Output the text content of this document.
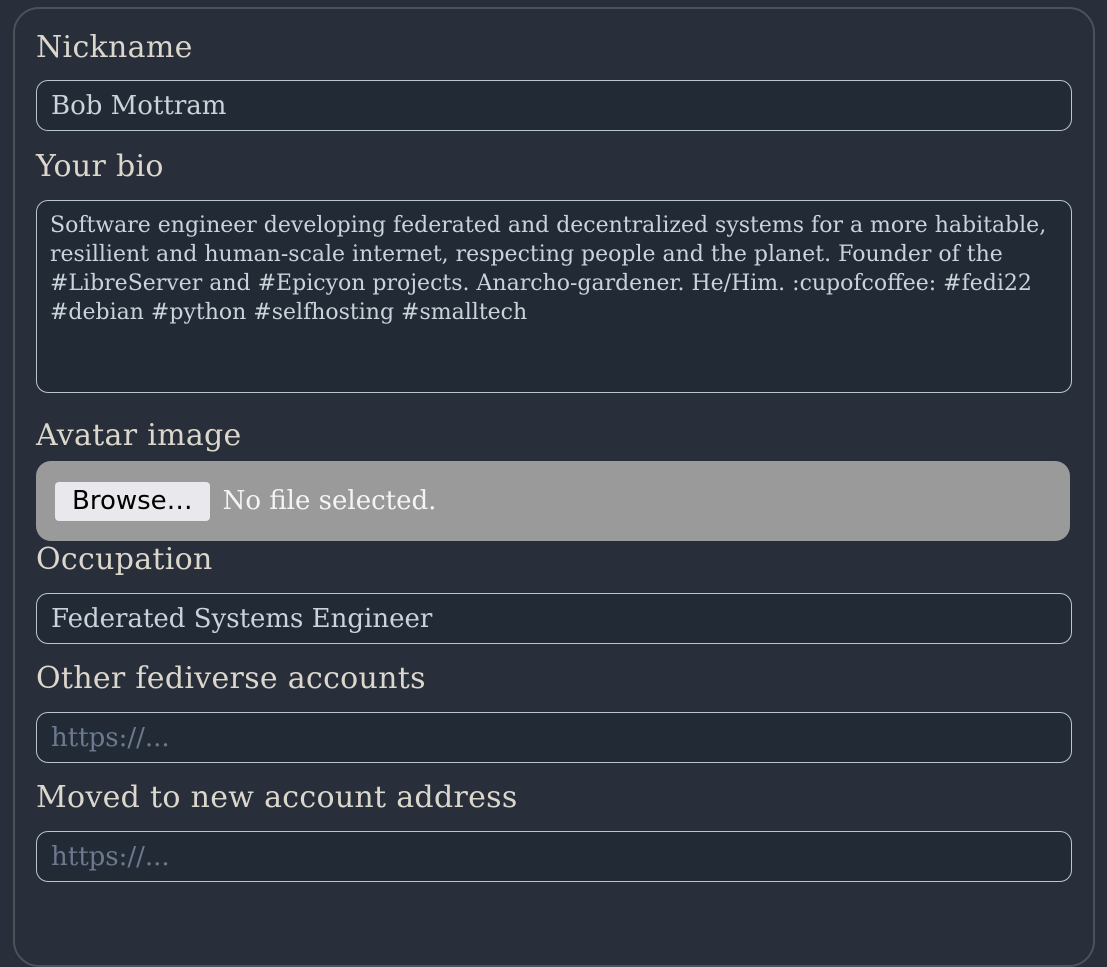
Nickname
Bob Mottram
Your bio
Software engineer developing federated and decentralized systems for a more habitable, resillient and human-scale internet, respecting people and the planet. Founder of the #LibreServer and #Epicyon projects. Anarcho-gardener. He/Him. :cupofcoffee: #fedi22 #debian #python #selfhosting #smalltech
Avatar image
Browse…	No file selected.
Occupation
Federated Systems Engineer
Other fediverse accounts
https://...
Moved to new account address
https://...
